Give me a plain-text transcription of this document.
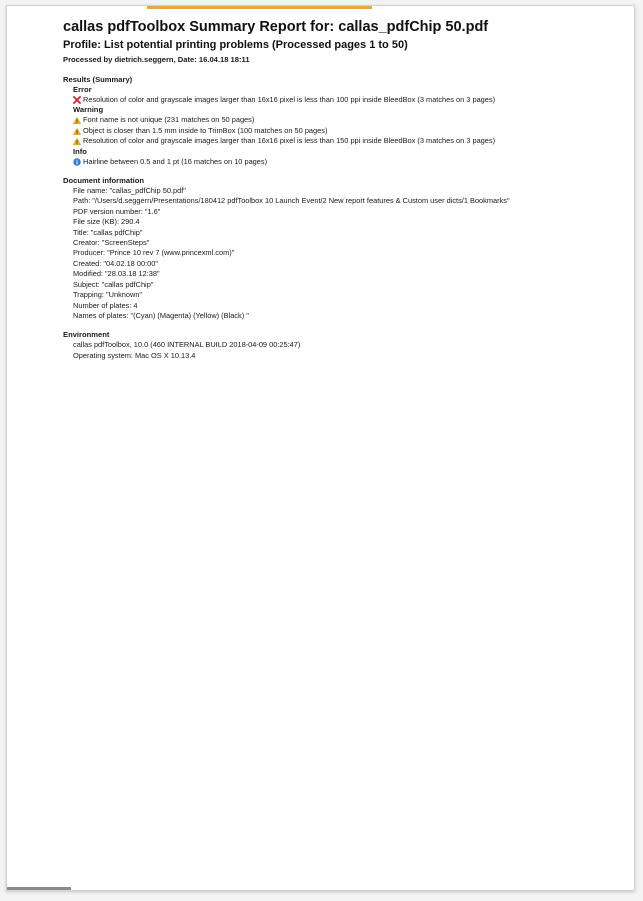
callas pdfToolbox Summary Report for: callas_pdfChip 50.pdf
Profile: List potential printing problems (Processed pages 1 to 50)
Processed by dietrich.seggern, Date: 16.04.18 18:11
Results (Summary)
Error
Resolution of color and grayscale images larger than 16x16 pixel is less than 100 ppi inside BleedBox (3 matches on 3 pages)
Warning
Font name is not unique (231 matches on 50 pages)
Object is closer than 1.5 mm inside to TrimBox (100 matches on 50 pages)
Resolution of color and grayscale images larger than 16x16 pixel is less than 150 ppi inside BleedBox (3 matches on 3 pages)
Info
Hairline between 0.5 and 1 pt (16 matches on 10 pages)
Document information
File name: "callas_pdfChip 50.pdf"
Path: "/Users/d.seggern/Presentations/180412 pdfToolbox 10 Launch Event/2 New report features & Custom user dicts/1 Bookmarks"
PDF version number: "1.6"
File size (KB): 290.4
Title: "callas pdfChip"
Creator: "ScreenSteps"
Producer: "Prince 10 rev 7 (www.princexml.com)"
Created: "04.02.18 00:00"
Modified: "28.03.18 12:38"
Subject: "callas pdfChip"
Trapping: "Unknown"
Number of plates: 4
Names of plates: "(Cyan) (Magenta) (Yellow) (Black) "
Environment
callas pdfToolbox, 10.0 (460 INTERNAL BUILD 2018-04-09 00:25:47)
Operating system: Mac OS X 10.13.4
